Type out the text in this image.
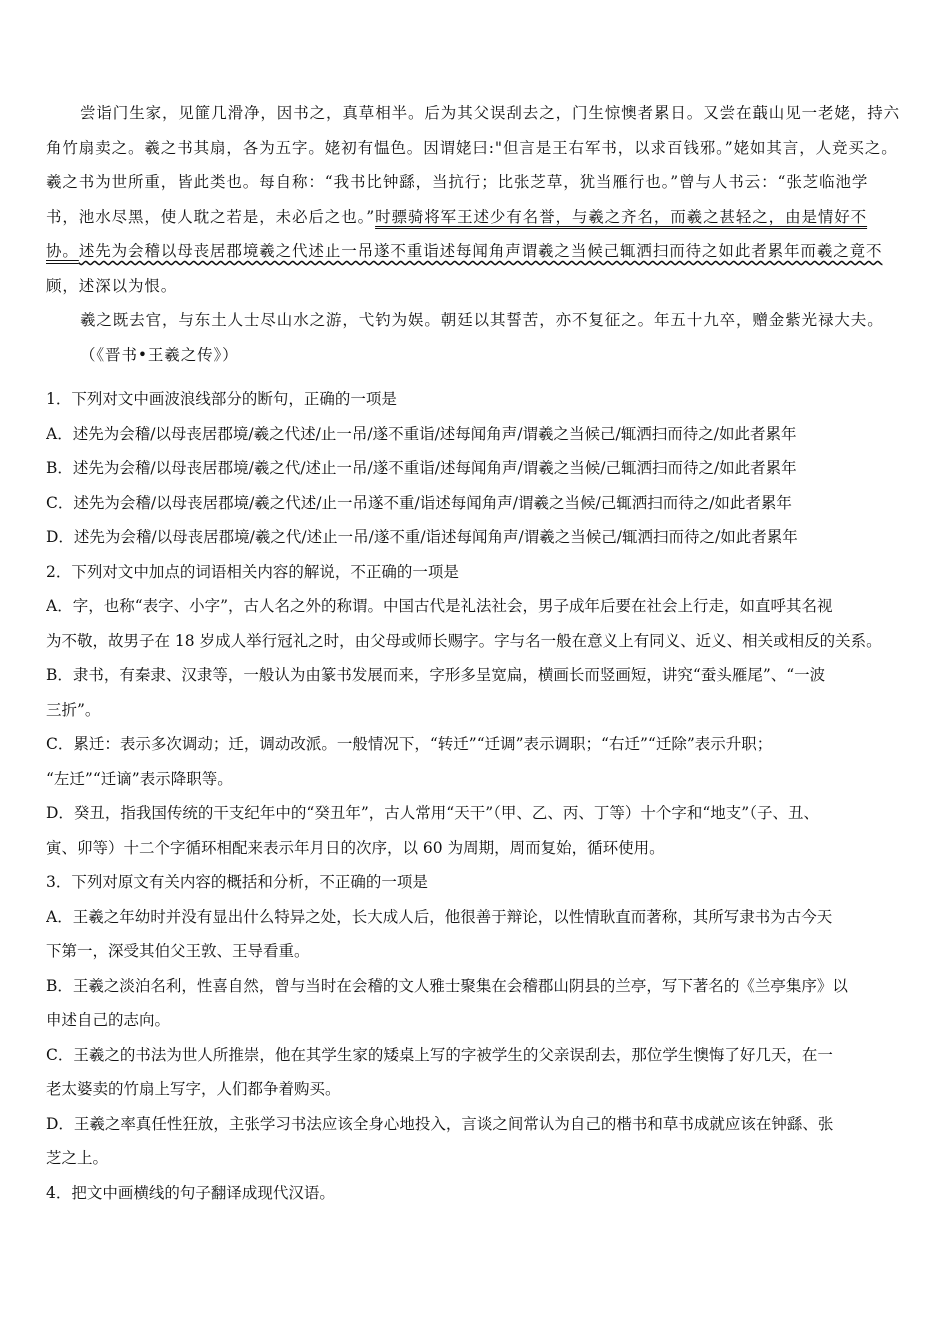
尝诣门生家，见篚几滑净，因书之，真草相半。后为其父误刮去之，门生惊懊者累日。又尝在蕺山见一老姥，持六

角竹扇卖之。羲之书其扇，各为五字。姥初有愠色。因谓姥曰:"但言是王右军书，以求百钱邪。”姥如其言，人竞买之。

羲之书为世所重，皆此类也。每自称：“我书比钟繇，当抗行；比张芝草，犹当雁行也。”曾与人书云：“张芝临池学

书，池水尽黑，使人耽之若是，未必后之也。”时骠骑将军王述少有名誉，与羲之齐名，而羲之甚轻之，由是情好不

协。述先为会稽以母丧居郡境羲之代述止一吊遂不重诣述每闻角声谓羲之当候己辄洒扫而待之如此者累年而羲之竟不

顾，述深以为恨。

羲之既去官，与东土人士尽山水之游，弋钓为娱。朝廷以其誓苦，亦不复征之。年五十九卒，赠金紫光禄大夫。

（《晋书•王羲之传》）

1．下列对文中画波浪线部分的断句，正确的一项是

A．述先为会稽/以母丧居郡境/羲之代述/止一吊/遂不重诣/述每闻角声/谓羲之当候己/辄洒扫而待之/如此者累年

B．述先为会稽/以母丧居郡境/羲之代/述止一吊/遂不重诣/述每闻角声/谓羲之当候/己辄洒扫而待之/如此者累年

C．述先为会稽/以母丧居郡境/羲之代述/止一吊遂不重/诣述每闻角声/谓羲之当候/己辄洒扫而待之/如此者累年

D．述先为会稽/以母丧居郡境/羲之代/述止一吊/遂不重/诣述每闻角声/谓羲之当候己/辄洒扫而待之/如此者累年

2．下列对文中加点的词语相关内容的解说，不正确的一项是

A．字，也称“表字、小字”，古人名之外的称谓。中国古代是礼法社会，男子成年后要在社会上行走，如直呼其名视

为不敬，故男子在 18 岁成人举行冠礼之时，由父母或师长赐字。字与名一般在意义上有同义、近义、相关或相反的关系。

B．隶书，有秦隶、汉隶等，一般认为由篆书发展而来，字形多呈宽扁，横画长而竖画短，讲究“蚕头雁尾”、“一波

三折”。

C．累迁：表示多次调动；迁，调动改派。一般情况下，“转迁”“迁调”表示调职；“右迁”“迁除”表示升职；

“左迁”“迁谪”表示降职等。

D．癸丑，指我国传统的干支纪年中的“癸丑年”，古人常用“天干”（甲、乙、丙、丁等）十个字和“地支”（子、丑、

寅、卯等）十二个字循环相配来表示年月日的次序，以 60 为周期，周而复始，循环使用。

3．下列对原文有关内容的概括和分析，不正确的一项是

A．王羲之年幼时并没有显出什么特异之处，长大成人后，他很善于辩论，以性情耿直而著称，其所写隶书为古今天

下第一，深受其伯父王敦、王导看重。

B．王羲之淡泊名利，性喜自然，曾与当时在会稽的文人雅士聚集在会稽郡山阴县的兰亭，写下著名的《兰亭集序》以

申述自己的志向。

C．王羲之的书法为世人所推崇，他在其学生家的矮桌上写的字被学生的父亲误刮去，那位学生懊悔了好几天，在一

老太婆卖的竹扇上写字，人们都争着购买。

D．王羲之率真任性狂放，主张学习书法应该全身心地投入，言谈之间常认为自己的楷书和草书成就应该在钟繇、张

芝之上。

4．把文中画横线的句子翻译成现代汉语。
